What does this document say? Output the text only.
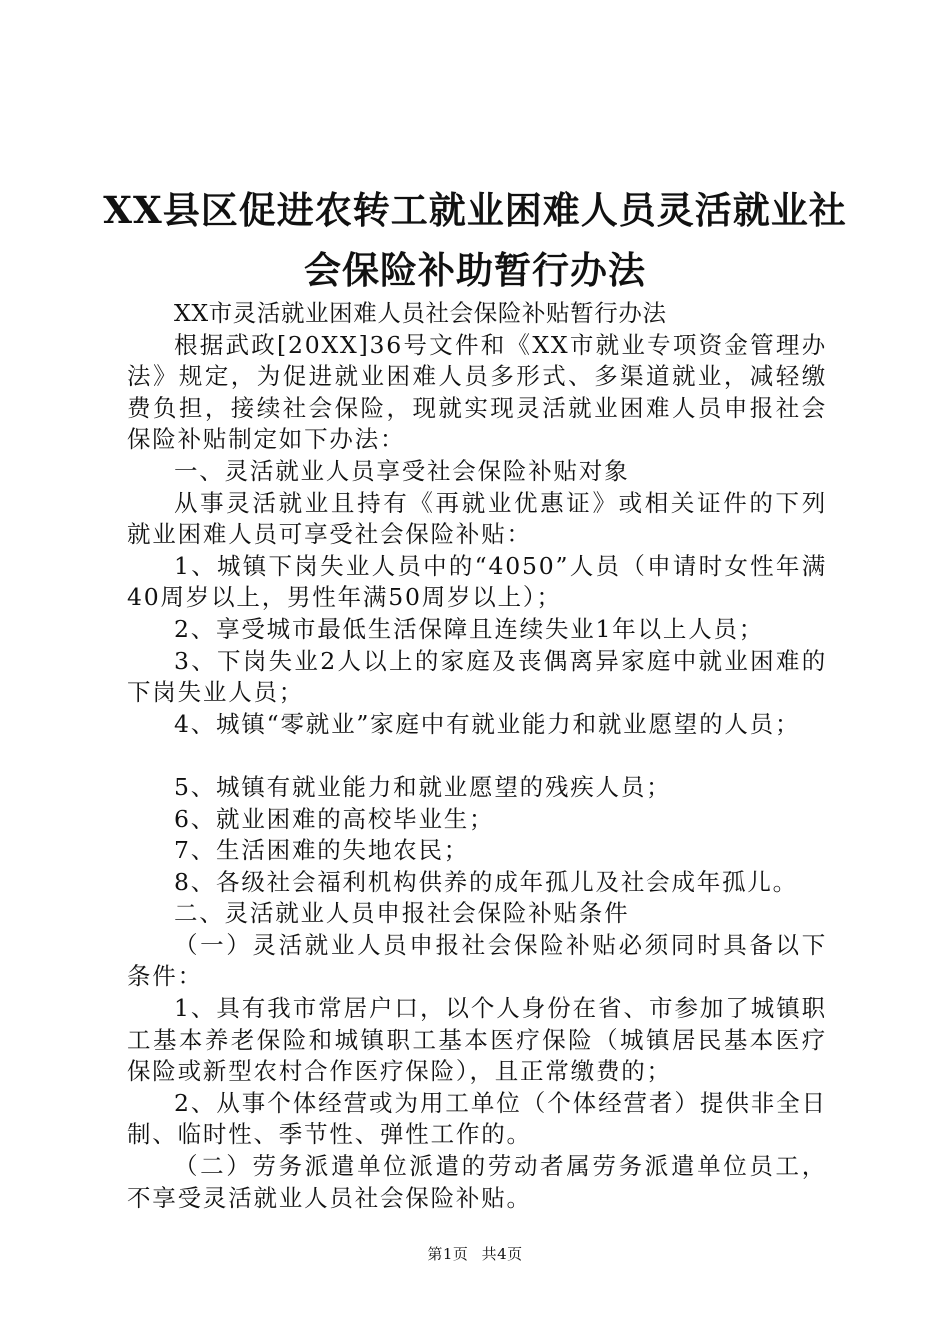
XX县区促进农转工就业困难人员灵活就业社
会保险补助暂行办法

XX市灵活就业困难人员社会保险补贴暂行办法

根据武政[20XX]36号文件和《XX市就业专项资金管理办法》规定，为促进就业困难人员多形式、多渠道就业，减轻缴费负担，接续社会保险，现就实现灵活就业困难人员申报社会保险补贴制定如下办法：

一、灵活就业人员享受社会保险补贴对象

从事灵活就业且持有《再就业优惠证》或相关证件的下列就业困难人员可享受社会保险补贴：

1、城镇下岗失业人员中的“4050”人员（申请时女性年满40周岁以上，男性年满50周岁以上）；

2、享受城市最低生活保障且连续失业1年以上人员；

3、下岗失业2人以上的家庭及丧偶离异家庭中就业困难的下岗失业人员；

4、城镇“零就业”家庭中有就业能力和就业愿望的人员；

5、城镇有就业能力和就业愿望的残疾人员；

6、就业困难的高校毕业生；

7、生活困难的失地农民；

8、各级社会福利机构供养的成年孤儿及社会成年孤儿。

二、灵活就业人员申报社会保险补贴条件

（一）灵活就业人员申报社会保险补贴必须同时具备以下条件：

1、具有我市常居户口，以个人身份在省、市参加了城镇职工基本养老保险和城镇职工基本医疗保险（城镇居民基本医疗保险或新型农村合作医疗保险），且正常缴费的；

2、从事个体经营或为用工单位（个体经营者）提供非全日制、临时性、季节性、弹性工作的。

（二）劳务派遣单位派遣的劳动者属劳务派遣单位员工，不享受灵活就业人员社会保险补贴。

第1页 共4页
